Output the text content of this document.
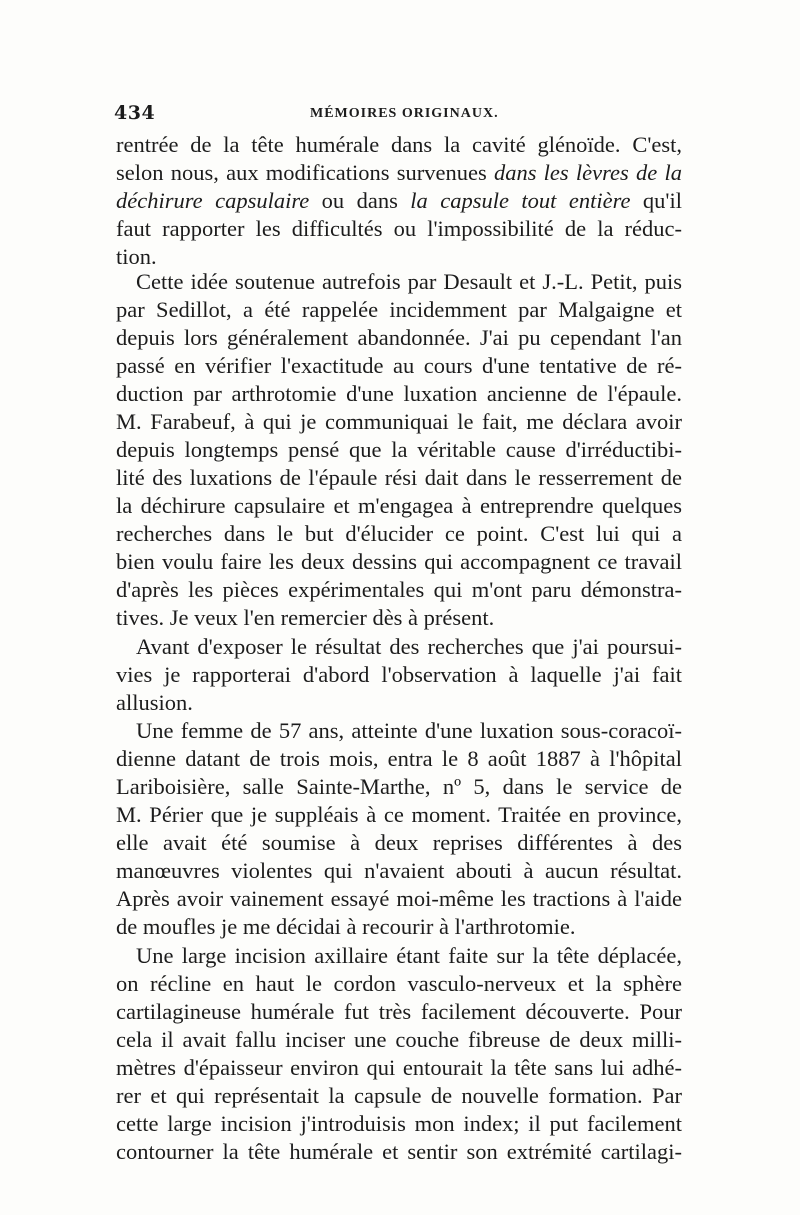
434	MÉMOIRES ORIGINAUX.
rentrée de la tête humérale dans la cavité glénoïde. C'est,
selon nous, aux modifications survenues dans les lèvres de la
déchirure capsulaire ou dans la capsule tout entière qu'il
faut rapporter les difficultés ou l'impossibilité de la réduc-
tion.
Cette idée soutenue autrefois par Desault et J.-L. Petit, puis
par Sedillot, a été rappelée incidemment par Malgaigne et
depuis lors généralement abandonnée. J'ai pu cependant l'an
passé en vérifier l'exactitude au cours d'une tentative de ré-
duction par arthrotomie d'une luxation ancienne de l'épaule.
M. Farabeuf, à qui je communiquai le fait, me déclara avoir
depuis longtemps pensé que la véritable cause d'irréductibi-
lité des luxations de l'épaule rési dait dans le resserrement de
la déchirure capsulaire et m'engagea à entreprendre quelques
recherches dans le but d'élucider ce point. C'est lui qui a
bien voulu faire les deux dessins qui accompagnent ce travail
d'après les pièces expérimentales qui m'ont paru démonstra-
tives. Je veux l'en remercier dès à présent.
Avant d'exposer le résultat des recherches que j'ai poursui-
vies je rapporterai d'abord l'observation à laquelle j'ai fait
allusion.
Une femme de 57 ans, atteinte d'une luxation sous-coracoï-
dienne datant de trois mois, entra le 8 août 1887 à l'hôpital
Lariboisière, salle Sainte-Marthe, nº 5, dans le service de
M. Périer que je suppléais à ce moment. Traitée en province,
elle avait été soumise à deux reprises différentes à des
manœuvres violentes qui n'avaient abouti à aucun résultat.
Après avoir vainement essayé moi-même les tractions à l'aide
de moufles je me décidai à recourir à l'arthrotomie.
Une large incision axillaire étant faite sur la tête déplacée,
on récline en haut le cordon vasculo-nerveux et la sphère
cartilagineuse humérale fut très facilement découverte. Pour
cela il avait fallu inciser une couche fibreuse de deux milli-
mètres d'épaisseur environ qui entourait la tête sans lui adhé-
rer et qui représentait la capsule de nouvelle formation. Par
cette large incision j'introduisis mon index; il put facilement
contourner la tête humérale et sentir son extrémité cartilagi-
